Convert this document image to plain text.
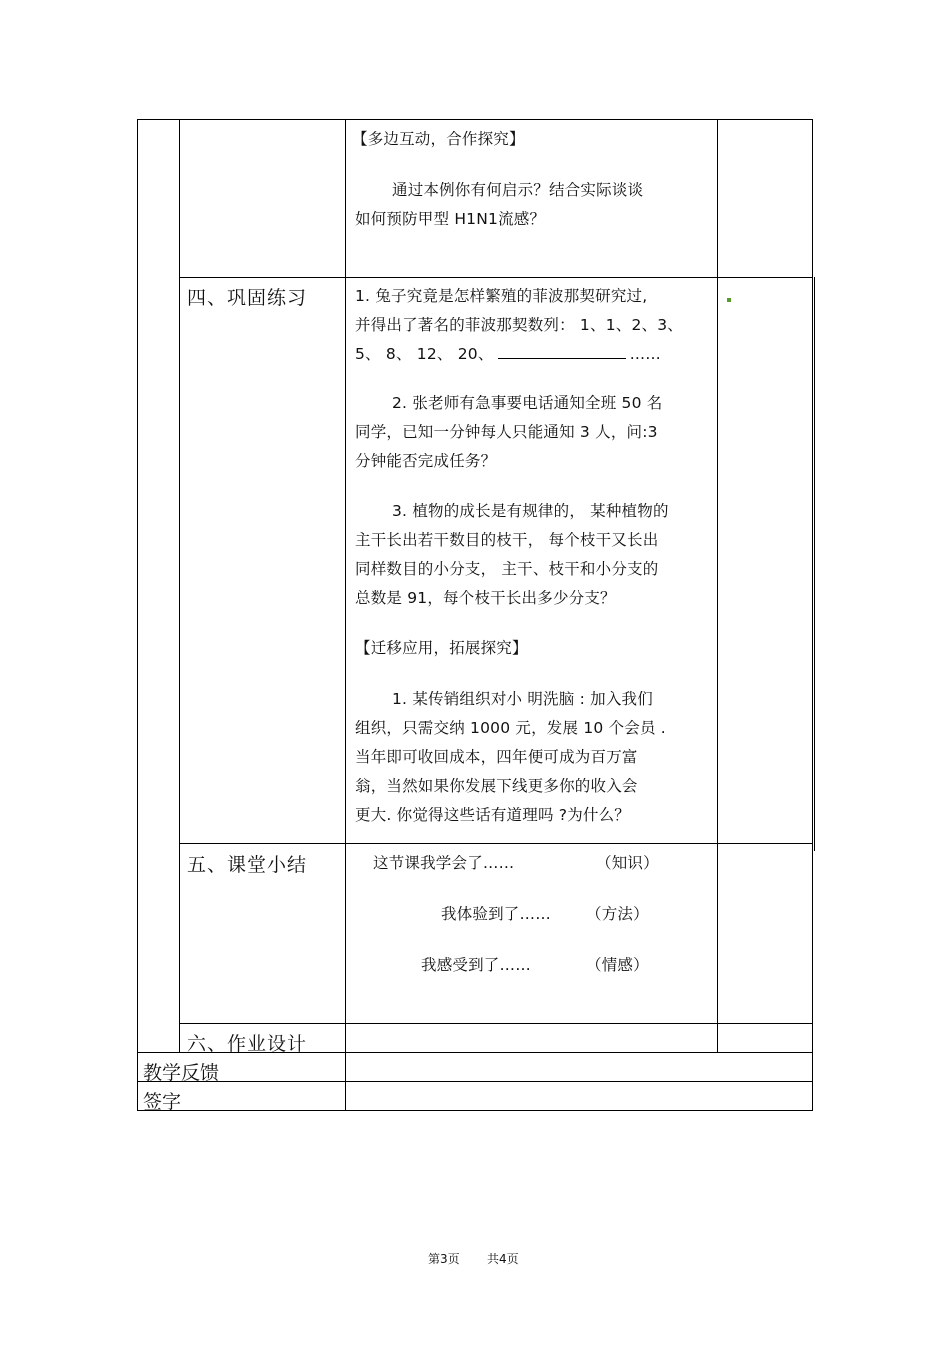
【多边互动，合作探究】
通过本例你有何启示？结合实际谈谈
如何预防甲型 H1N1流感？
四、巩固练习	1. 兔子究竟是怎样繁殖的菲波那契研究过,
并得出了著名的菲波那契数列： 1、1、2、3、
5、 8、 12、 20、	……
2. 张老师有急事要电话通知全班 50 名
同学，已知一分钟每人只能通知 3 人，问:3
分钟能否完成任务？
3. 植物的成长是有规律的， 某种植物的
主干长出若干数目的枝干， 每个枝干又长出
同样数目的小分支， 主干、枝干和小分支的
总数是 91，每个枝干长出多少分支？
【迁移应用，拓展探究】
1. 某传销组织对小 明洗脑 : 加入我们
组织，只需交纳 1000 元，发展 10 个会员 .
当年即可收回成本，四年便可成为百万富
翁，当然如果你发展下线更多你的收入会
更大. 你觉得这些话有道理吗 ?为什么？
五、课堂小结	这节课我学会了……	（知识）
我体验到了…… （方法）
我感受到了……	（情感）
六、作业设计
教学反馈
签字
第3页 共4页
